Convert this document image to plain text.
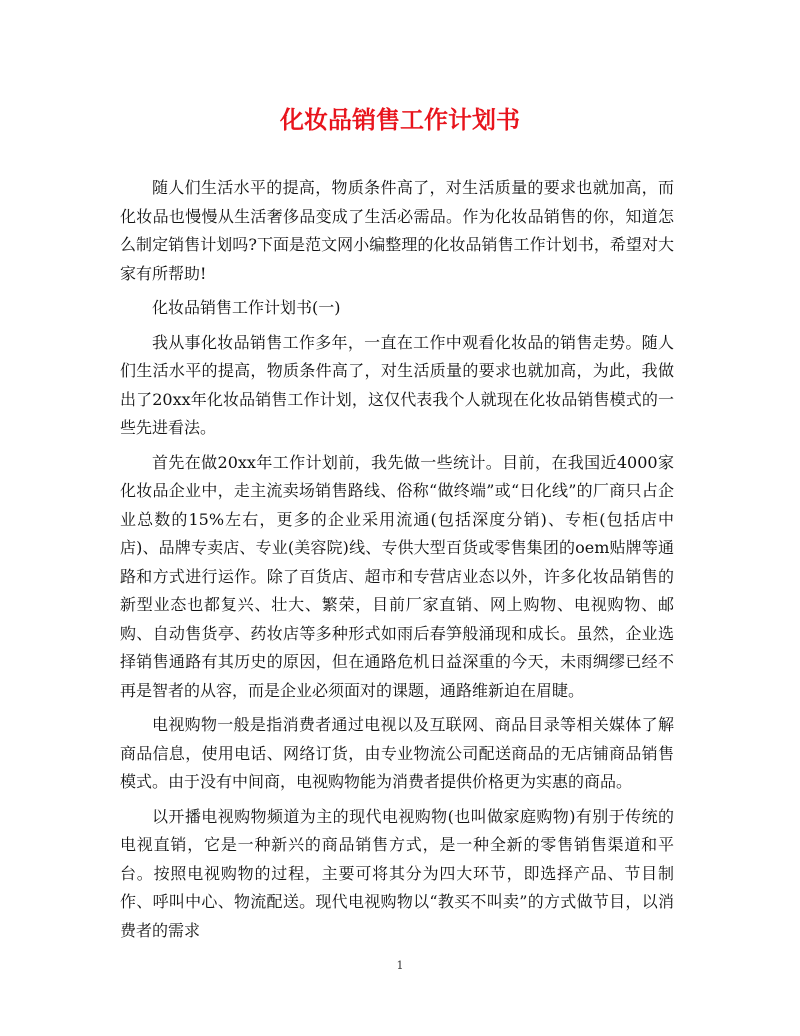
化妆品销售工作计划书

随人们生活水平的提高，物质条件高了，对生活质量的要求也就加高，而化妆品也慢慢从生活奢侈品变成了生活必需品。作为化妆品销售的你，知道怎么制定销售计划吗?下面是范文网小编整理的化妆品销售工作计划书，希望对大家有所帮助!

化妆品销售工作计划书(一)

我从事化妆品销售工作多年，一直在工作中观看化妆品的销售走势。随人们生活水平的提高，物质条件高了，对生活质量的要求也就加高，为此，我做出了20xx年化妆品销售工作计划，这仅代表我个人就现在化妆品销售模式的一些先进看法。

首先在做20xx年工作计划前，我先做一些统计。目前，在我国近4000家化妆品企业中，走主流卖场销售路线、俗称“做终端”或“日化线”的厂商只占企业总数的15%左右，更多的企业采用流通(包括深度分销)、专柜(包括店中店)、品牌专卖店、专业(美容院)线、专供大型百货或零售集团的oem贴牌等通路和方式进行运作。除了百货店、超市和专营店业态以外，许多化妆品销售的新型业态也都复兴、壮大、繁荣，目前厂家直销、网上购物、电视购物、邮购、自动售货亭、药妆店等多种形式如雨后春笋般涌现和成长。虽然，企业选择销售通路有其历史的原因，但在通路危机日益深重的今天，未雨绸缪已经不再是智者的从容，而是企业必须面对的课题，通路维新迫在眉睫。

电视购物一般是指消费者通过电视以及互联网、商品目录等相关媒体了解商品信息，使用电话、网络订货，由专业物流公司配送商品的无店铺商品销售模式。由于没有中间商，电视购物能为消费者提供价格更为实惠的商品。

以开播电视购物频道为主的现代电视购物(也叫做家庭购物)有别于传统的电视直销，它是一种新兴的商品销售方式，是一种全新的零售销售渠道和平台。按照电视购物的过程，主要可将其分为四大环节，即选择产品、节目制作、呼叫中心、物流配送。现代电视购物以“教买不叫卖”的方式做节目，以消费者的需求

1
